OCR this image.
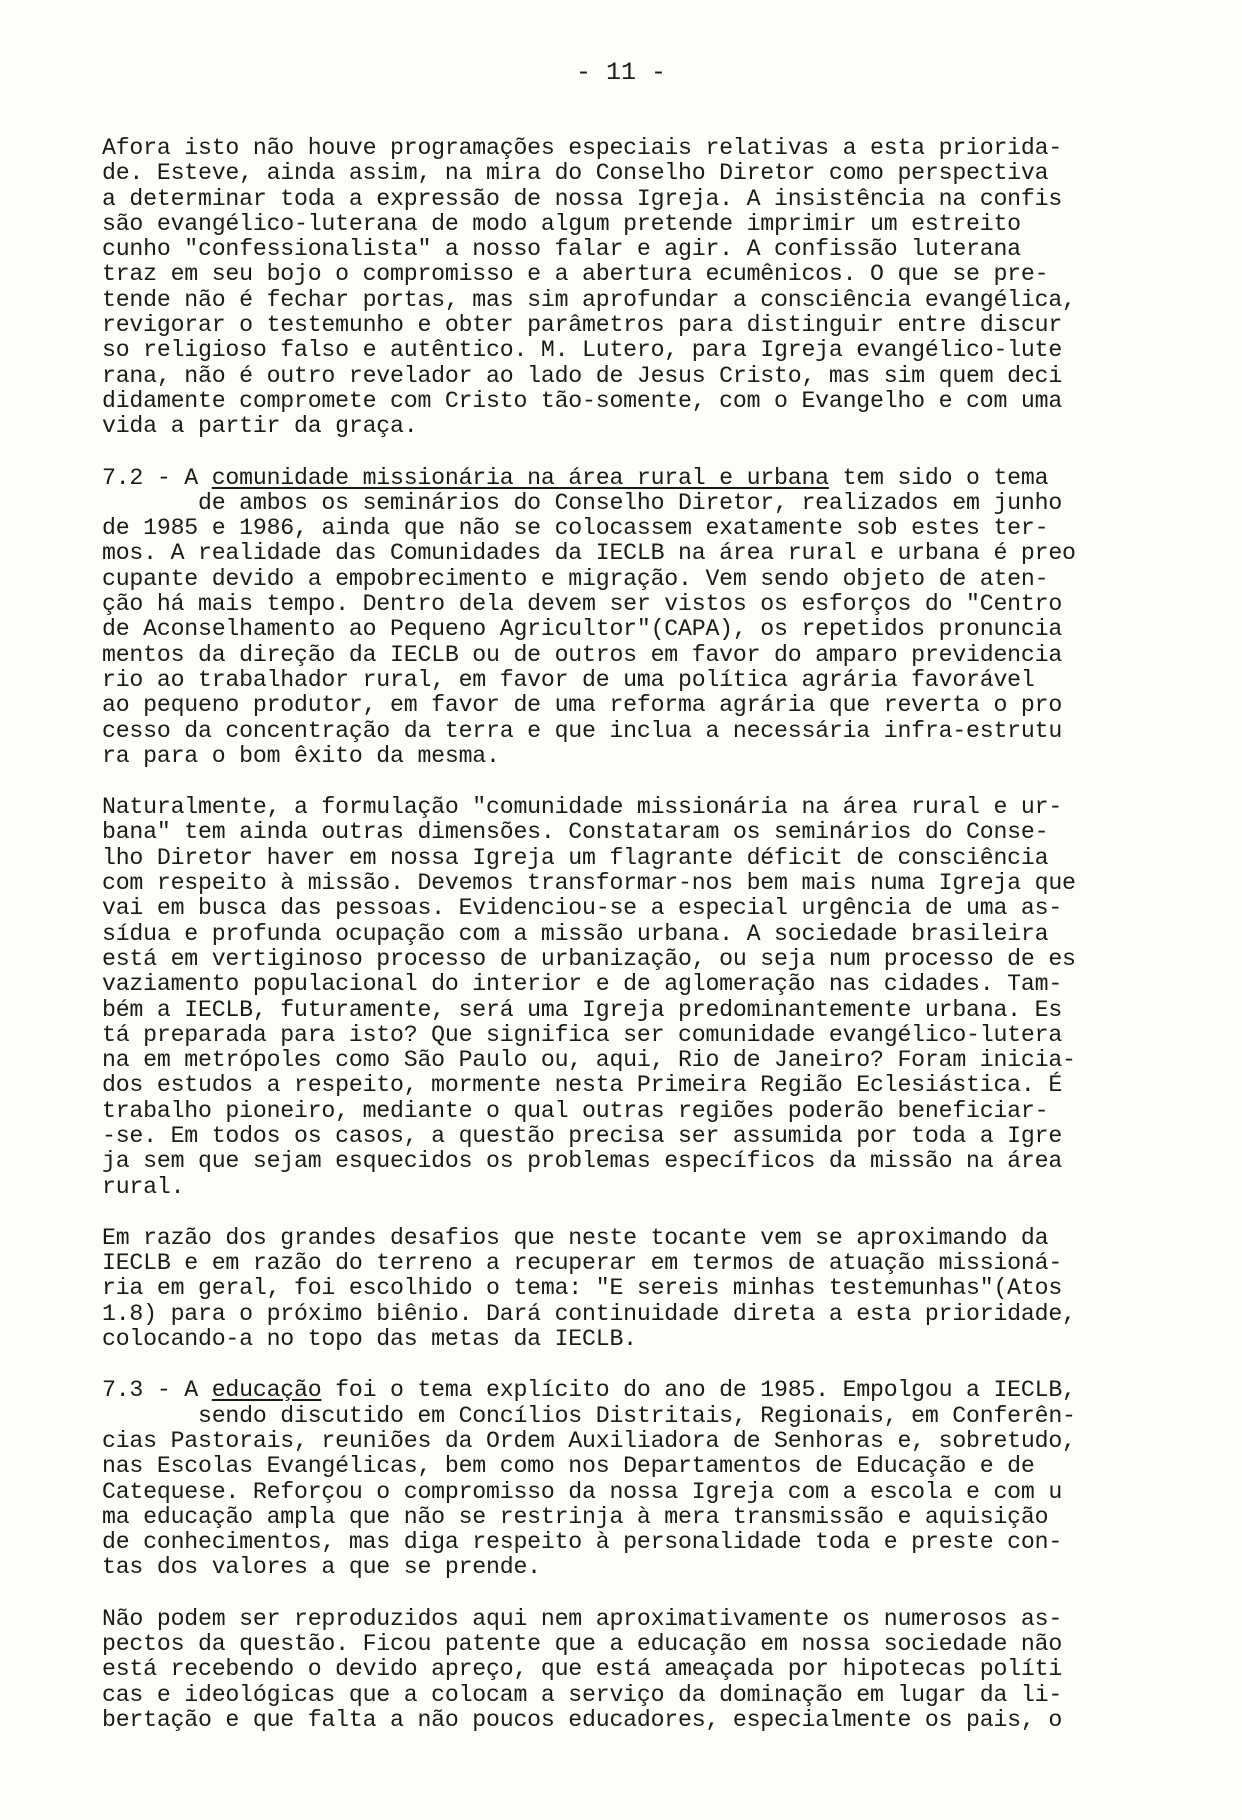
- 11 -
Afora isto não houve programações especiais relativas a esta priorida-
de. Esteve, ainda assim, na mira do Conselho Diretor como perspectiva
a determinar toda a expressão de nossa Igreja. A insistência na confis
são evangélico-luterana de modo algum pretende imprimir um estreito
cunho "confessionalista" a nosso falar e agir. A confissão luterana
traz em seu bojo o compromisso e a abertura ecumênicos. O que se pre-
tende não é fechar portas, mas sim aprofundar a consciência evangélica,
revigorar o testemunho e obter parâmetros para distinguir entre discur
so religioso falso e autêntico. M. Lutero, para Igreja evangélico-lute
rana, não é outro revelador ao lado de Jesus Cristo, mas sim quem deci
didamente compromete com Cristo tão-somente, com o Evangelho e com uma
vida a partir da graça.
7.2 - A comunidade missionária na área rural e urbana tem sido o tema
de ambos os seminários do Conselho Diretor, realizados em junho
de 1985 e 1986, ainda que não se colocassem exatamente sob estes ter-
mos. A realidade das Comunidades da IECLB na área rural e urbana é preo
cupante devido a empobrecimento e migração. Vem sendo objeto de aten-
ção há mais tempo. Dentro dela devem ser vistos os esforços do "Centro
de Aconselhamento ao Pequeno Agricultor"(CAPA), os repetidos pronuncia
mentos da direção da IECLB ou de outros em favor do amparo previdencia
rio ao trabalhador rural, em favor de uma política agrária favorável
ao pequeno produtor, em favor de uma reforma agrária que reverta o pro
cesso da concentração da terra e que inclua a necessária infra-estrutu
ra para o bom êxito da mesma.
Naturalmente, a formulação "comunidade missionária na área rural e ur-
bana" tem ainda outras dimensões. Constataram os seminários do Conse-
lho Diretor haver em nossa Igreja um flagrante déficit de consciência
com respeito à missão. Devemos transformar-nos bem mais numa Igreja que
vai em busca das pessoas. Evidenciou-se a especial urgência de uma as-
sídua e profunda ocupação com a missão urbana. A sociedade brasileira
está em vertiginoso processo de urbanização, ou seja num processo de es
vaziamento populacional do interior e de aglomeração nas cidades. Tam-
bém a IECLB, futuramente, será uma Igreja predominantemente urbana. Es
tá preparada para isto? Que significa ser comunidade evangélico-lutera
na em metrópoles como São Paulo ou, aqui, Rio de Janeiro? Foram inicia-
dos estudos a respeito, mormente nesta Primeira Região Eclesiástica. É
trabalho pioneiro, mediante o qual outras regiões poderão beneficiar-
-se. Em todos os casos, a questão precisa ser assumida por toda a Igre
ja sem que sejam esquecidos os problemas específicos da missão na área
rural.
Em razão dos grandes desafios que neste tocante vem se aproximando da
IECLB e em razão do terreno a recuperar em termos de atuação missioná-
ria em geral, foi escolhido o tema: "E sereis minhas testemunhas"(Atos
1.8) para o próximo biênio. Dará continuidade direta a esta prioridade,
colocando-a no topo das metas da IECLB.
7.3 - A educação foi o tema explícito do ano de 1985. Empolgou a IECLB,
sendo discutido em Concílios Distritais, Regionais, em Conferên-
cias Pastorais, reuniões da Ordem Auxiliadora de Senhoras e, sobretudo,
nas Escolas Evangélicas, bem como nos Departamentos de Educação e de
Catequese. Reforçou o compromisso da nossa Igreja com a escola e com u
ma educação ampla que não se restrinja à mera transmissão e aquisição
de conhecimentos, mas diga respeito à personalidade toda e preste con-
tas dos valores a que se prende.
Não podem ser reproduzidos aqui nem aproximativamente os numerosos as-
pectos da questão. Ficou patente que a educação em nossa sociedade não
está recebendo o devido apreço, que está ameaçada por hipotecas políti
cas e ideológicas que a colocam a serviço da dominação em lugar da li-
bertação e que falta a não poucos educadores, especialmente os pais, o
